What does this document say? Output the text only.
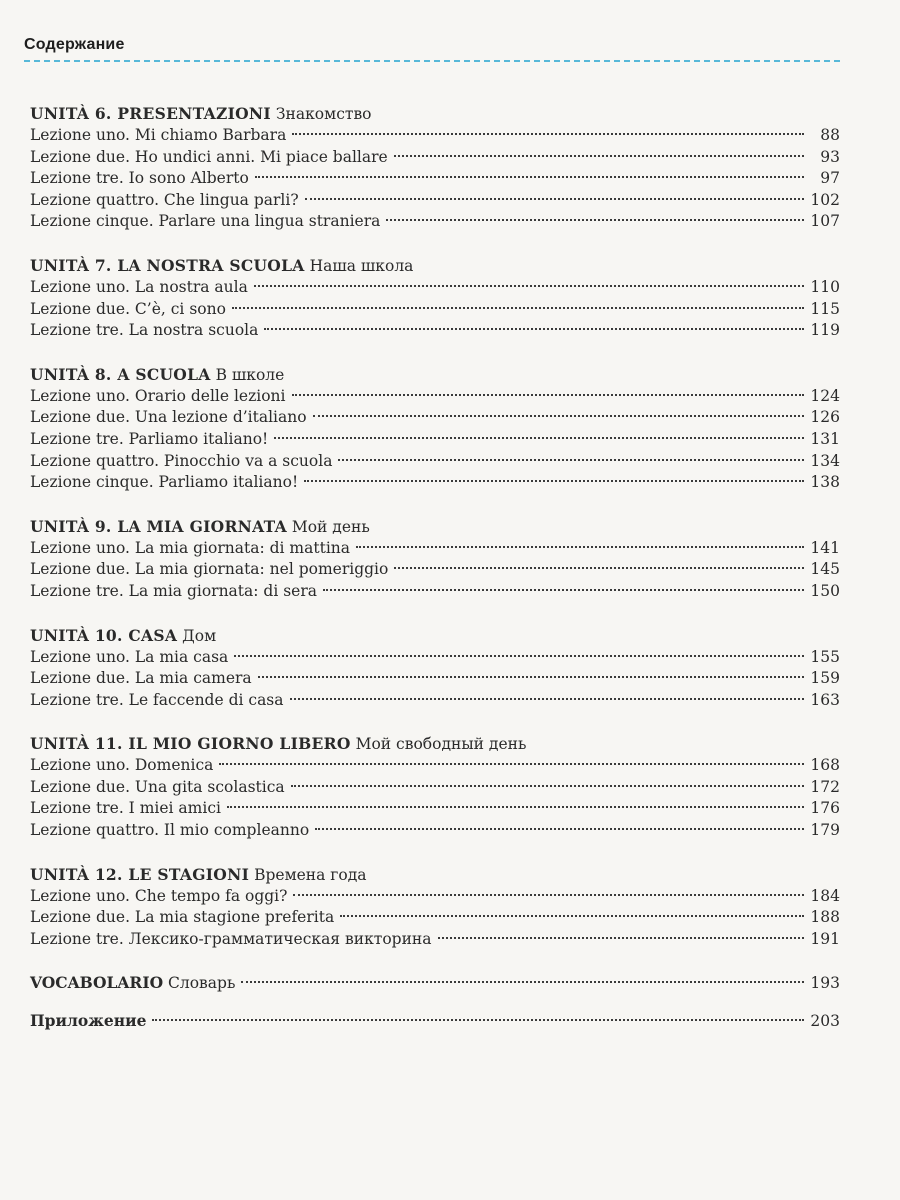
Содержание
UNITÀ 6. PRESENTAZIONI Знакомство
Lezione uno. Mi chiamo Barbara	88
Lezione due. Ho undici anni. Mi piace ballare	93
Lezione tre. Io sono Alberto	97
Lezione quattro. Che lingua parli?	102
Lezione cinque. Parlare una lingua straniera	107
UNITÀ 7. LA NOSTRA SCUOLA Наша школа
Lezione uno. La nostra aula	110
Lezione due. C’è, ci sono	115
Lezione tre. La nostra scuola	119
UNITÀ 8. A SCUOLA В школе
Lezione uno. Orario delle lezioni	124
Lezione due. Una lezione d’italiano	126
Lezione tre. Parliamo italiano!	131
Lezione quattro. Pinocchio va a scuola	134
Lezione cinque. Parliamo italiano!	138
UNITÀ 9. LA MIA GIORNATA Мой день
Lezione uno. La mia giornata: di mattina	141
Lezione due. La mia giornata: nel pomeriggio	145
Lezione tre. La mia giornata: di sera	150
UNITÀ 10. CASA Дом
Lezione uno. La mia casa	155
Lezione due. La mia camera	159
Lezione tre. Le faccende di casa	163
UNITÀ 11. IL MIO GIORNO LIBERO Мой свободный день
Lezione uno. Domenica	168
Lezione due. Una gita scolastica	172
Lezione tre. I miei amici	176
Lezione quattro. Il mio compleanno	179
UNITÀ 12. LE STAGIONI Времена года
Lezione uno. Che tempo fa oggi?	184
Lezione due. La mia stagione preferita	188
Lezione tre. Лексико-грамматическая викторина	191
VOCABOLARIO Словарь	193
Приложение	203
